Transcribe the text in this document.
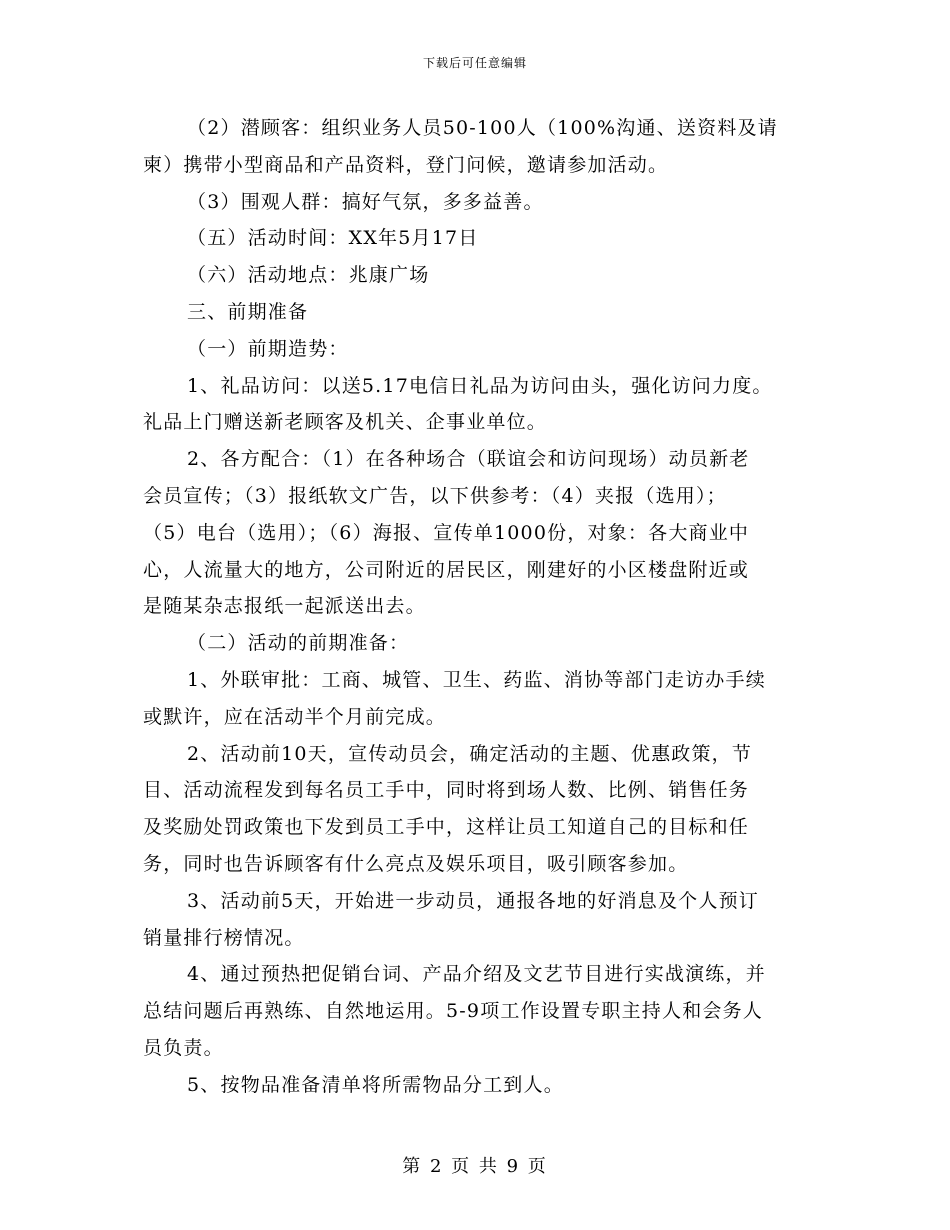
下载后可任意编辑
（2）潜顾客：组织业务人员50-100人（100%沟通、送资料及请
柬）携带小型商品和产品资料，登门问候，邀请参加活动。
（3）围观人群：搞好气氛，多多益善。
（五）活动时间：XX年5月17日
（六）活动地点：兆康广场
三、前期准备
（一）前期造势：
1、礼品访问：以送5.17电信日礼品为访问由头，强化访问力度。
礼品上门赠送新老顾客及机关、企事业单位。
2、各方配合：（1）在各种场合（联谊会和访问现场）动员新老
会员宣传；（3）报纸软文广告，以下供参考：（4）夹报（选用）；
（5）电台（选用）；（6）海报、宣传单1000份，对象：各大商业中
心，人流量大的地方，公司附近的居民区，刚建好的小区楼盘附近或
是随某杂志报纸一起派送出去。
（二）活动的前期准备：
1、外联审批：工商、城管、卫生、药监、消协等部门走访办手续
或默许，应在活动半个月前完成。
2、活动前10天，宣传动员会，确定活动的主题、优惠政策，节
目、活动流程发到每名员工手中，同时将到场人数、比例、销售任务
及奖励处罚政策也下发到员工手中，这样让员工知道自己的目标和任
务，同时也告诉顾客有什么亮点及娱乐项目，吸引顾客参加。
3、活动前5天，开始进一步动员，通报各地的好消息及个人预订
销量排行榜情况。
4、通过预热把促销台词、产品介绍及文艺节目进行实战演练，并
总结问题后再熟练、自然地运用。5-9项工作设置专职主持人和会务人
员负责。
5、按物品准备清单将所需物品分工到人。
第 2 页 共 9 页
